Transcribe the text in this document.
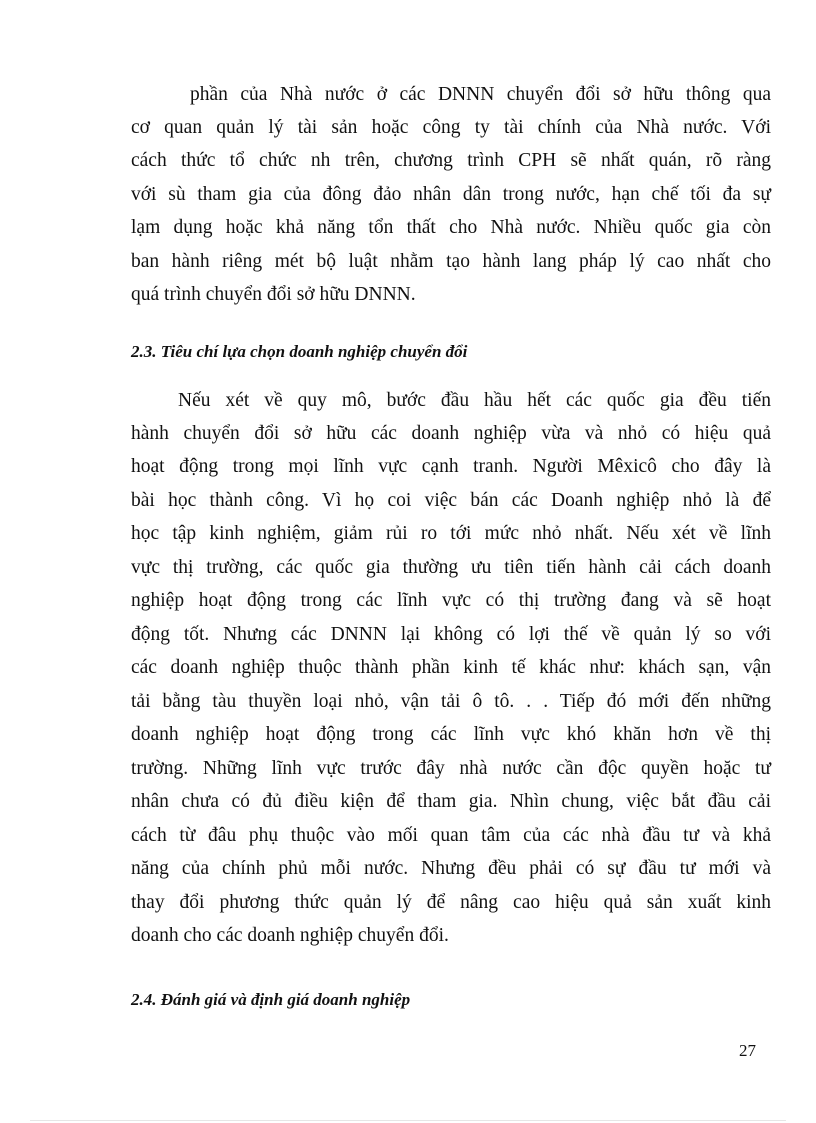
phần của Nhà nước ở các DNNN chuyển đổi sở hữu thông qua
cơ quan quản lý tài sản hoặc công ty tài chính của Nhà nước. Với
cách thức tổ chức nh trên, chương trình CPH sẽ nhất quán, rõ ràng
với sù tham gia của đông đảo nhân dân trong nước, hạn chế tối đa sự
lạm dụng hoặc khả năng tổn thất cho Nhà nước. Nhiều quốc gia còn
ban hành riêng mét bộ luật nhằm tạo hành lang pháp lý cao nhất cho
quá trình chuyển đổi sở hữu DNNN.
2.3. Tiêu chí lựa chọn doanh nghiệp chuyển đổi
Nếu xét về quy mô, bước đầu hầu hết các quốc gia đều tiến
hành chuyển đổi sở hữu các doanh nghiệp vừa và nhỏ có hiệu quả
hoạt động trong mọi lĩnh vực cạnh tranh. Người Mêxicô cho đây là
bài học thành công. Vì họ coi việc bán các Doanh nghiệp nhỏ là để
học tập kinh nghiệm, giảm rủi ro tới mức nhỏ nhất. Nếu xét về lĩnh
vực thị trường, các quốc gia thường ưu tiên tiến hành cải cách doanh
nghiệp hoạt động trong các lĩnh vực có thị trường đang và sẽ hoạt
động tốt. Nhưng các DNNN lại không có lợi thế về quản lý so với
các doanh nghiệp thuộc thành phần kinh tế khác như: khách sạn, vận
tải bằng tàu thuyền loại nhỏ, vận tải ô tô. . . Tiếp đó mới đến những
doanh nghiệp hoạt động trong các lĩnh vực khó khăn hơn về thị
trường. Những lĩnh vực trước đây nhà nước cần độc quyền hoặc tư
nhân chưa có đủ điều kiện để tham gia. Nhìn chung, việc bắt đầu cải
cách từ đâu phụ thuộc vào mối quan tâm của các nhà đầu tư và khả
năng của chính phủ mỗi nước. Nhưng đều phải có sự đầu tư mới và
thay đổi phương thức quản lý để nâng cao hiệu quả sản xuất kinh
doanh cho các doanh nghiệp chuyển đổi.
2.4. Đánh giá và định giá doanh nghiệp
27
